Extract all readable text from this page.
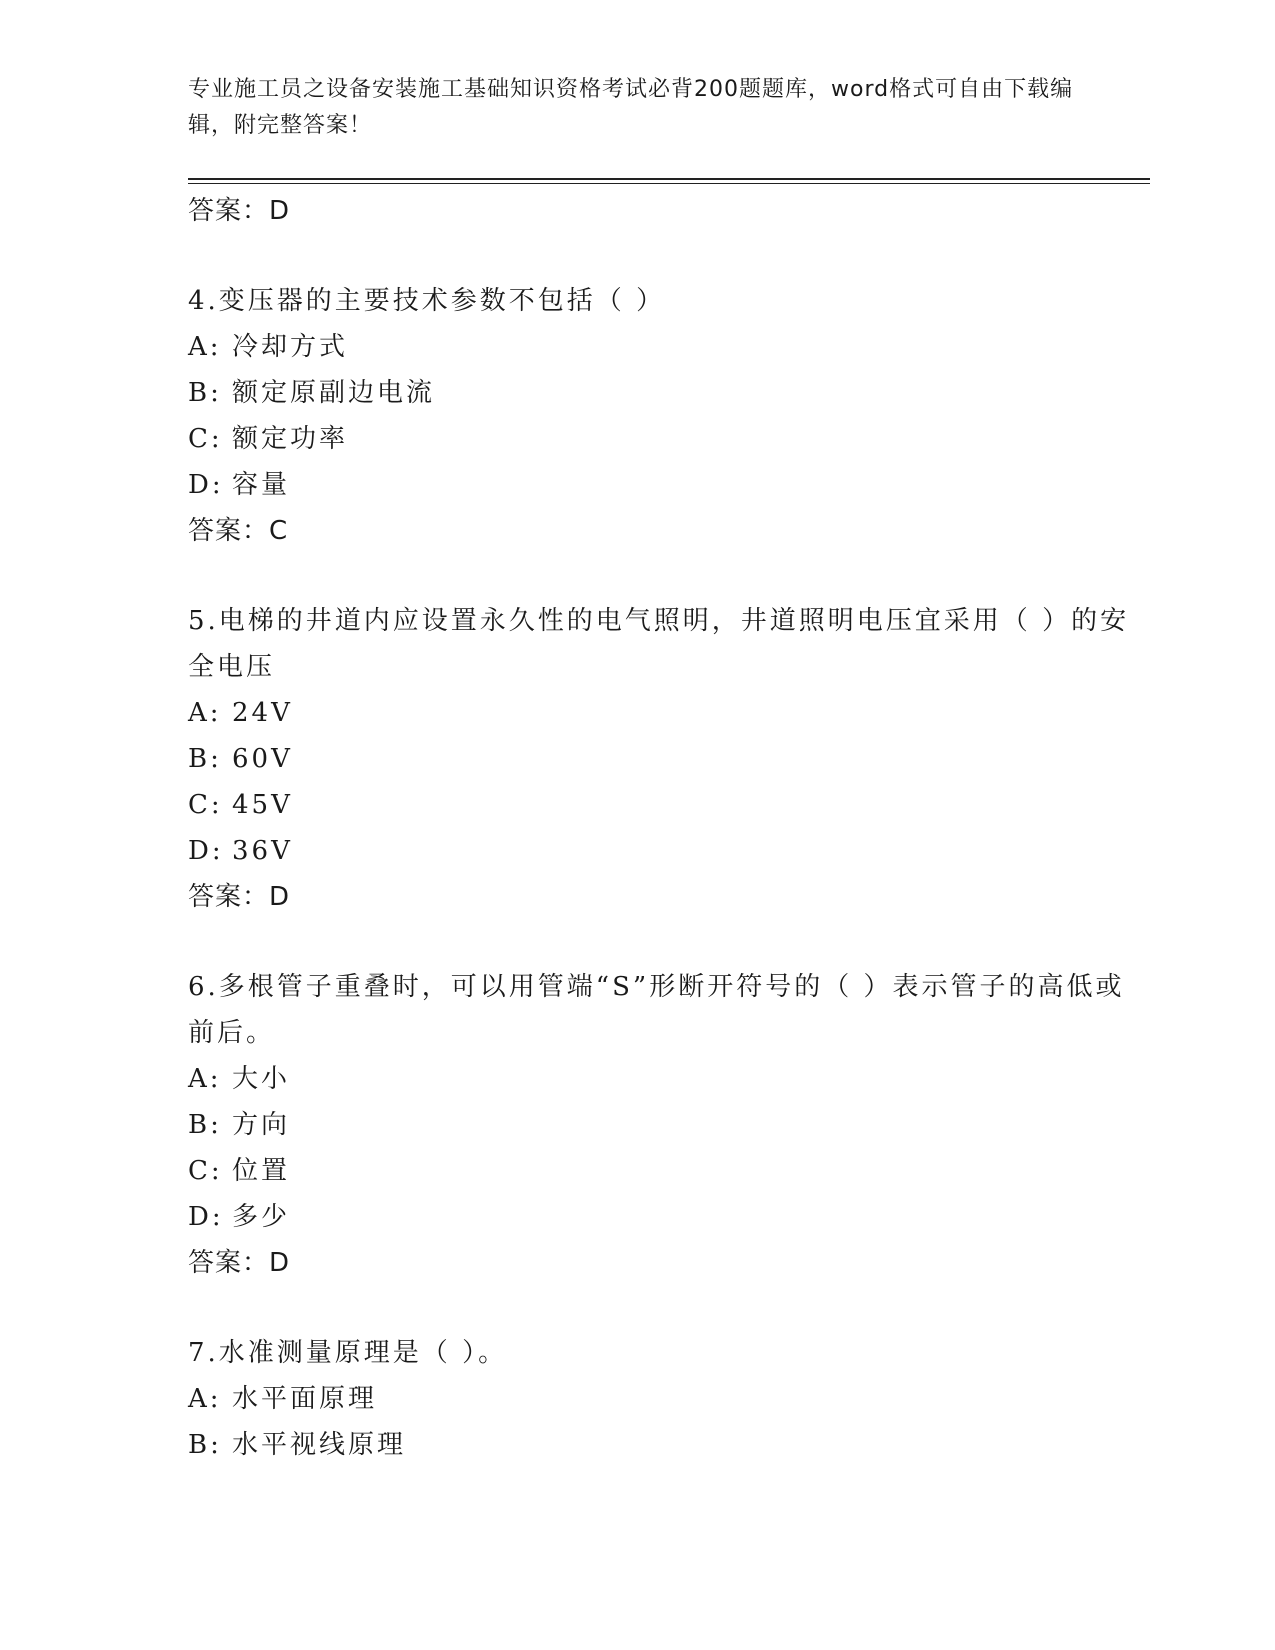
专业施工员之设备安装施工基础知识资格考试必背200题题库，word格式可自由下载编辑，附完整答案！
答案：D
4.变压器的主要技术参数不包括（ ）
A: 冷却方式
B: 额定原副边电流
C: 额定功率
D: 容量
答案：C
5.电梯的井道内应设置永久性的电气照明，井道照明电压宜采用（ ）的安全电压
A: 24V
B: 60V
C: 45V
D: 36V
答案：D
6.多根管子重叠时，可以用管端“S”形断开符号的（ ）表示管子的高低或前后。
A: 大小
B: 方向
C: 位置
D: 多少
答案：D
7.水准测量原理是（ ）。
A: 水平面原理
B: 水平视线原理
